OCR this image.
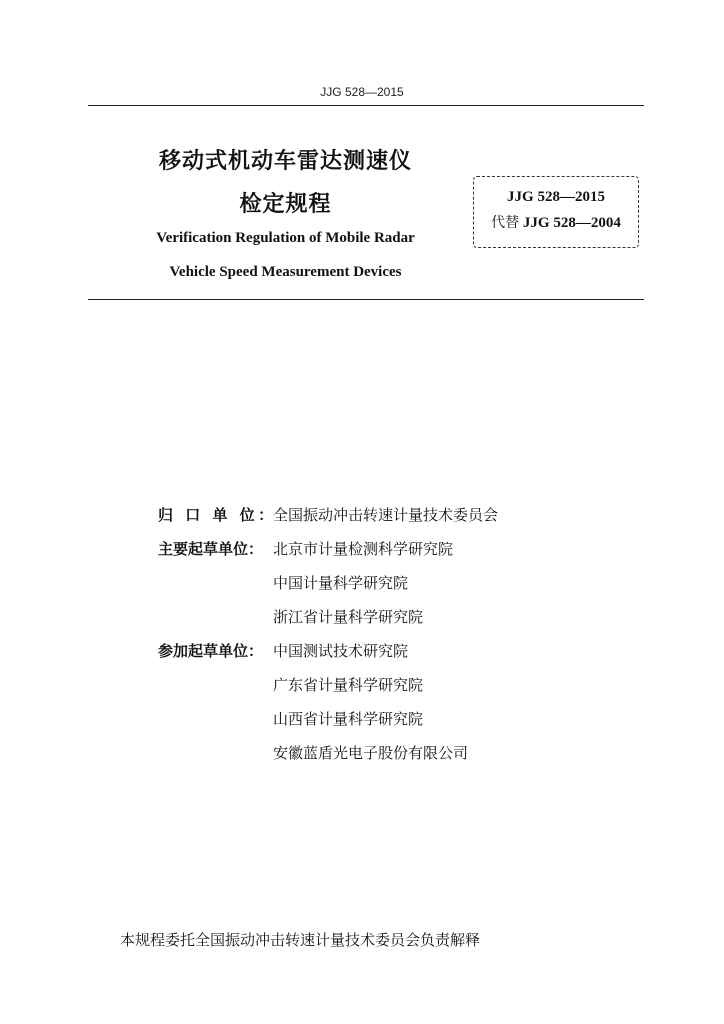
JJG 528—2015
移动式机动车雷达测速仪
检定规程
Verification Regulation of Mobile Radar
Vehicle Speed Measurement Devices
JJG 528—2015
代替 JJG 528—2004
归 口 单 位：
全国振动冲击转速计量技术委员会
主要起草单位： 北京市计量检测科学研究院
中国计量科学研究院
浙江省计量科学研究院
参加起草单位： 中国测试技术研究院
广东省计量科学研究院
山西省计量科学研究院
安徽蓝盾光电子股份有限公司
本规程委托全国振动冲击转速计量技术委员会负责解释
